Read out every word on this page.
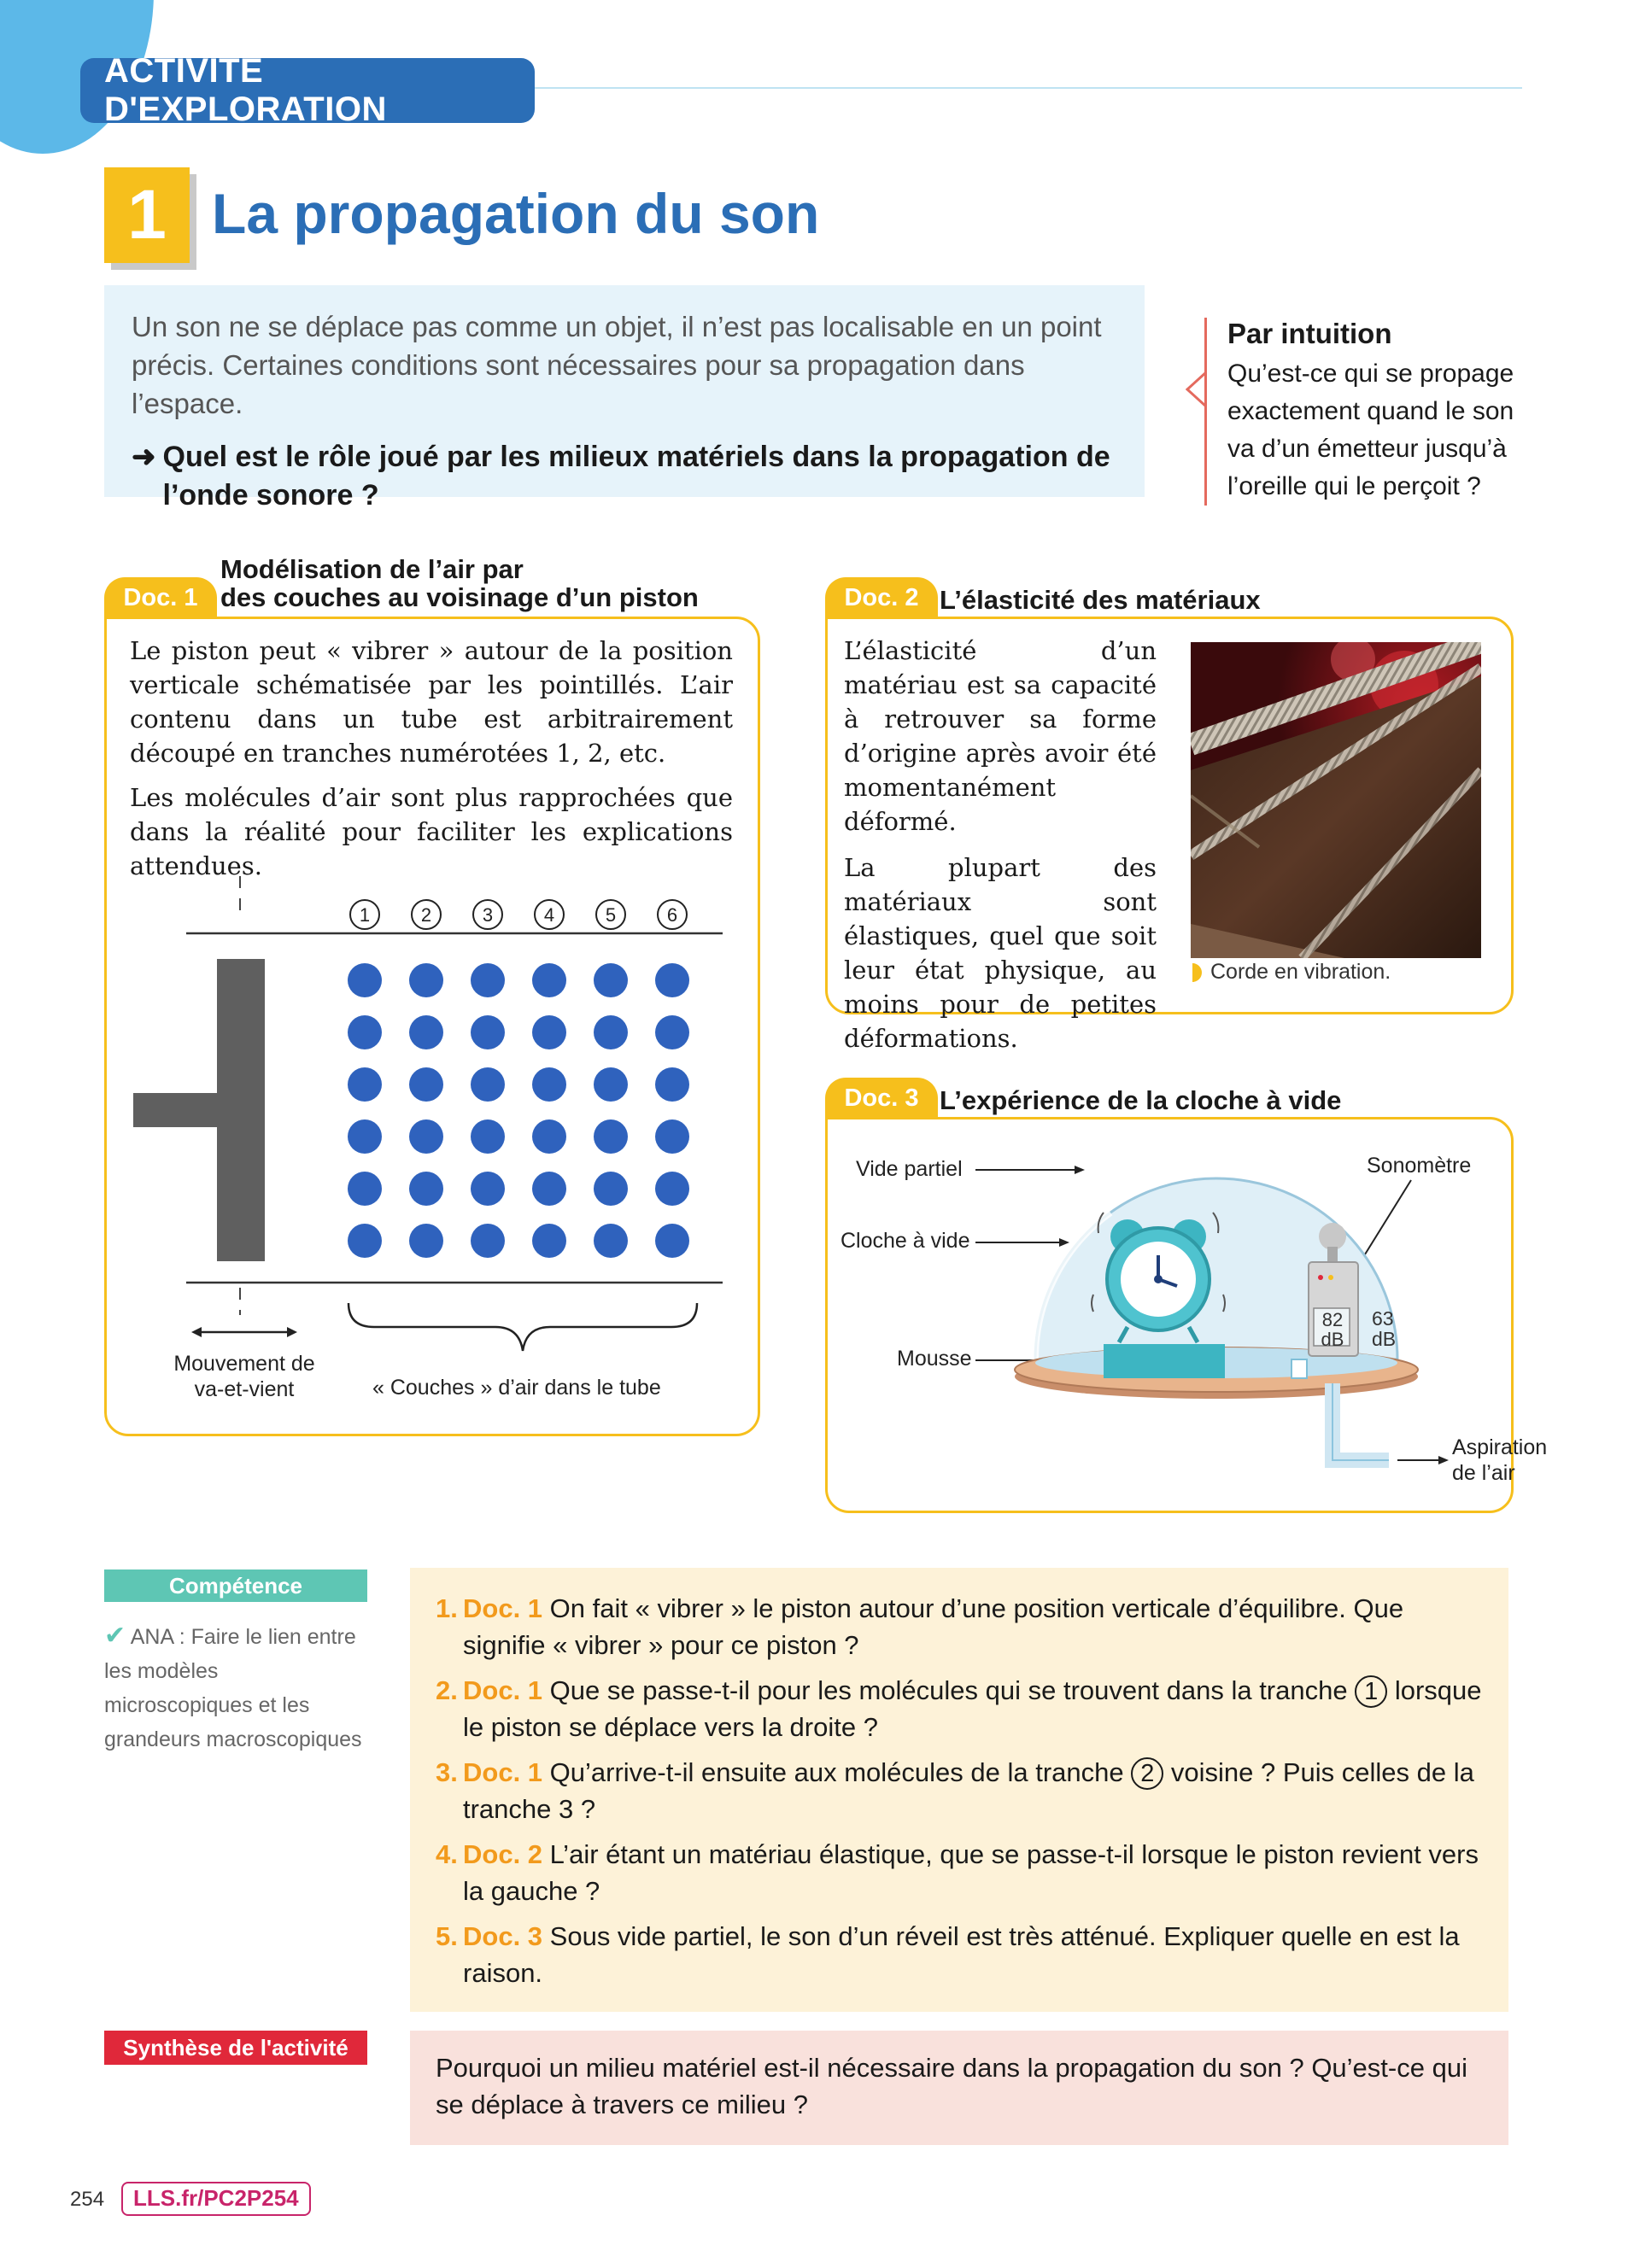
ACTIVITÉ D'EXPLORATION
1 La propagation du son

Un son ne se déplace pas comme un objet, il n’est pas localisable en un point précis. Certaines conditions sont nécessaires pour sa propagation dans l’espace.

➜ Quel est le rôle joué par les milieux matériels dans la propagation de l’onde sonore ?
Par intuition
Qu’est-ce qui se propage exactement quand le son va d’un émetteur jusqu’à l’oreille qui le perçoit ?
Doc. 1
Modélisation de l’air par
des couches au voisinage d’un piston

Le piston peut « vibrer » autour de la position verticale schématisée par les pointillés. L’air contenu dans un tube est arbitrairement découpé en tranches numérotées 1, 2, etc.

Les molécules d’air sont plus rapprochées que dans la réalité pour faciliter les explications attendues.

1	2	3	4	5	6
Mouvement de
va-et-vient	« Couches » d’air dans le tube
Doc. 2 L’élasticité des matériaux

L’élasticité d’un matériau est sa capacité à retrouver sa forme d’origine après avoir été momentanément déformé.

La plupart des matériaux sont élastiques, quel que soit leur état physique, au moins pour de petites déformations.

Corde en vibration.
Doc. 3 L’expérience de la cloche à vide
Vide partiel
Cloche à vide
Mousse
Sonomètre
82
dB
63
dB
Aspiration
de l’air
Compétence
✔ ANA : Faire le lien entre les modèles microscopiques et les grandeurs macroscopiques
1. Doc. 1 On fait « vibrer » le piston autour d’une position verticale d’équilibre. Que signifie « vibrer » pour ce piston ?
2. Doc. 1 Que se passe-t-il pour les molécules qui se trouvent dans la tranche 1 lorsque le piston se déplace vers la droite ?
3. Doc. 1 Qu’arrive-t-il ensuite aux molécules de la tranche 2 voisine ? Puis celles de la tranche 3 ?
4. Doc. 2 L’air étant un matériau élastique, que se passe-t-il lorsque le piston revient vers la gauche ?
5. Doc. 3 Sous vide partiel, le son d’un réveil est très atténué. Expliquer quelle en est la raison.
Synthèse de l'activité
Pourquoi un milieu matériel est-il nécessaire dans la propagation du son ? Qu’est-ce qui se déplace à travers ce milieu ?
254	LLS.fr/PC2P254
